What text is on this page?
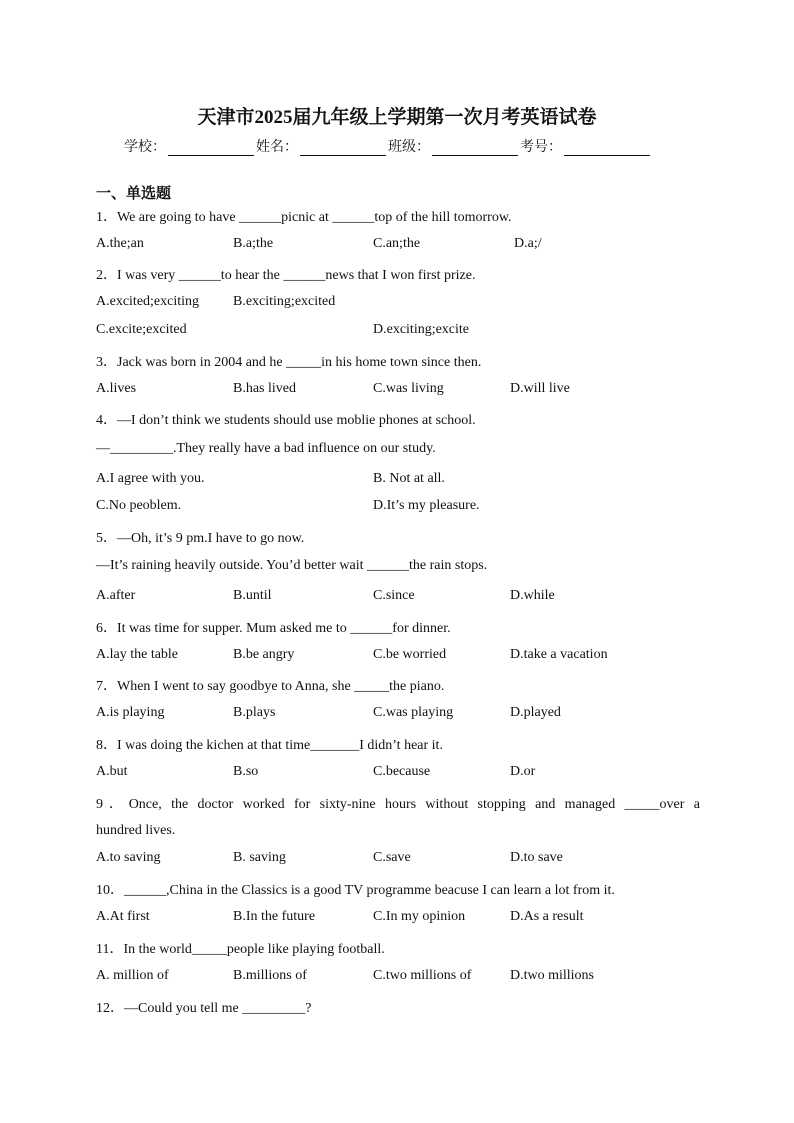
天津市2025届九年级上学期第一次月考英语试卷
学校：	姓名：	班级：	考号：
一、单选题
1．We are going to have ______picnic at ______top of the hill tomorrow.
A.the;an	B.a;the	C.an;the	D.a;/
2．I was very ______to hear the ______news that I won first prize.
A.excited;exciting B.exciting;excited
C.excite;excited	D.exciting;excite
3．Jack was born in 2004 and he _____in his home town since then.
A.lives	B.has lived	C.was living	D.will live
4．—I don’t think we students should use moblie phones at school.
—_________.They really have a bad influence on our study.
A.I agree with you.	B. Not at all.
C.No peoblem.	D.It’s my pleasure.
5．—Oh, it’s 9 pm.I have to go now.
—It’s raining heavily outside. You’d better wait ______the rain stops.
A.after	B.until	C.since	D.while
6．It was time for supper. Mum asked me to ______for dinner.
A.lay the table	B.be angry	C.be worried	D.take a vacation
7．When I went to say goodbye to Anna, she _____the piano.
A.is playing	B.plays	C.was playing	D.played
8．I was doing the kichen at that time_______I didn’t hear it.
A.but	B.so	C.because	D.or
9．Once, the doctor worked for sixty-nine hours without stopping and managed _____over a
hundred lives.
A.to saving	B. saving	C.save	D.to save
10．______,China in the Classics is a good TV programme beacuse I can learn a lot from it.
A.At first	B.In the future	C.In my opinion	D.As a result
11．In the world_____people like playing football.
A. million of	B.millions of	C.two millions of	D.two millions
12．—Could you tell me _________?
